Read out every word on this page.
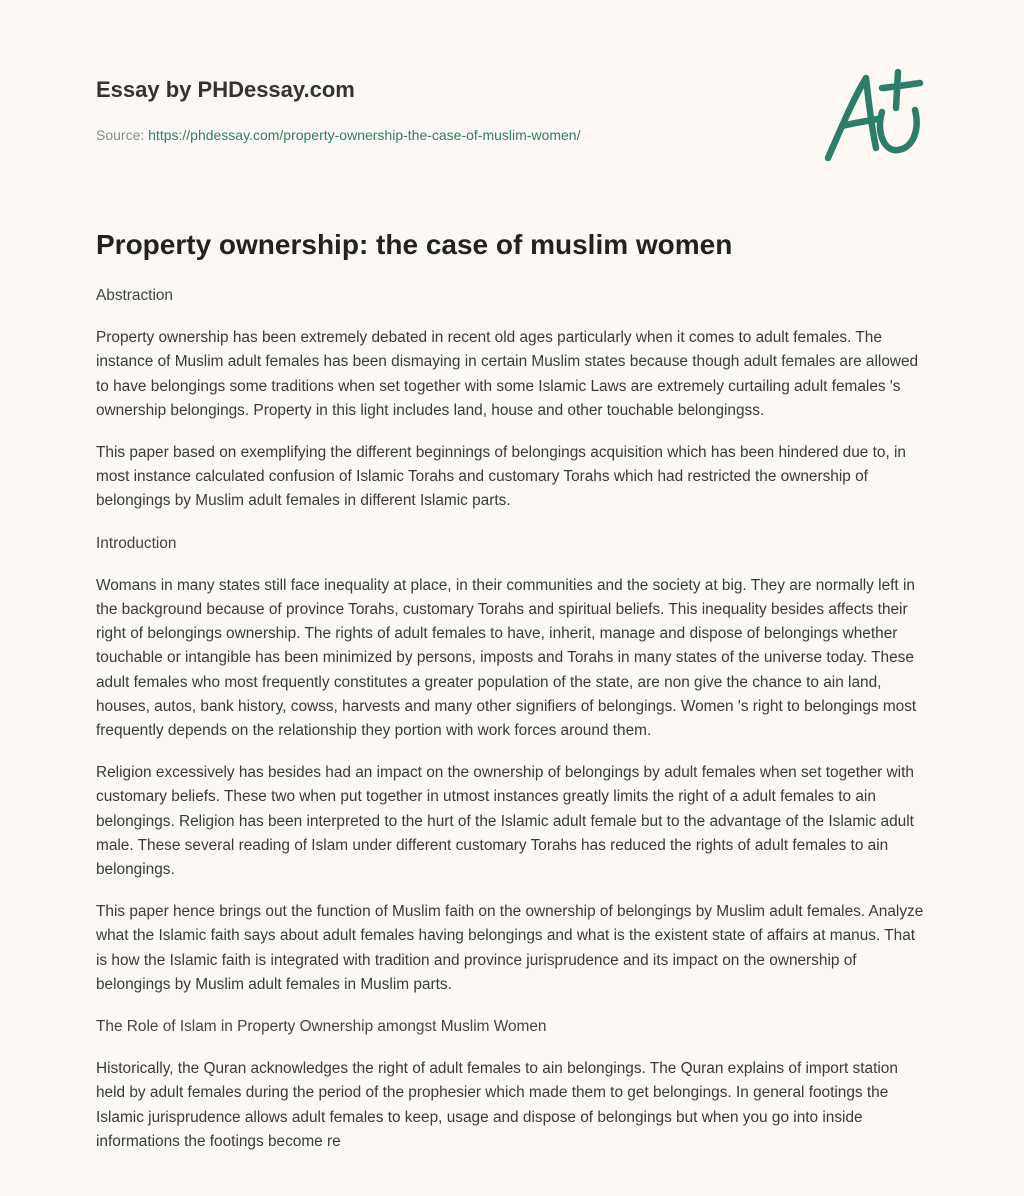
Essay by PHDessay.com
Source: https://phdessay.com/property-ownership-the-case-of-muslim-women/
Property ownership: the case of muslim women

Abstraction

Property ownership has been extremely debated in recent old ages particularly when it comes to adult females. The instance of Muslim adult females has been dismaying in certain Muslim states because though adult females are allowed to have belongings some traditions when set together with some Islamic Laws are extremely curtailing adult females 's ownership belongings. Property in this light includes land, house and other touchable belongingss.

This paper based on exemplifying the different beginnings of belongings acquisition which has been hindered due to, in most instance calculated confusion of Islamic Torahs and customary Torahs which had restricted the ownership of belongings by Muslim adult females in different Islamic parts.

Introduction

Womans in many states still face inequality at place, in their communities and the society at big. They are normally left in the background because of province Torahs, customary Torahs and spiritual beliefs. This inequality besides affects their right of belongings ownership. The rights of adult females to have, inherit, manage and dispose of belongings whether touchable or intangible has been minimized by persons, imposts and Torahs in many states of the universe today. These adult females who most frequently constitutes a greater population of the state, are non give the chance to ain land, houses, autos, bank history, cowss, harvests and many other signifiers of belongings. Women 's right to belongings most frequently depends on the relationship they portion with work forces around them.

Religion excessively has besides had an impact on the ownership of belongings by adult females when set together with customary beliefs. These two when put together in utmost instances greatly limits the right of a adult females to ain belongings. Religion has been interpreted to the hurt of the Islamic adult female but to the advantage of the Islamic adult male. These several reading of Islam under different customary Torahs has reduced the rights of adult females to ain belongings.

This paper hence brings out the function of Muslim faith on the ownership of belongings by Muslim adult females. Analyze what the Islamic faith says about adult females having belongings and what is the existent state of affairs at manus. That is how the Islamic faith is integrated with tradition and province jurisprudence and its impact on the ownership of belongings by Muslim adult females in Muslim parts.

The Role of Islam in Property Ownership amongst Muslim Women

Historically, the Quran acknowledges the right of adult females to ain belongings. The Quran explains of import station held by adult females during the period of the prophesier which made them to get belongings. In general footings the Islamic jurisprudence allows adult females to keep, usage and dispose of belongings but when you go into inside informations the footings become re
